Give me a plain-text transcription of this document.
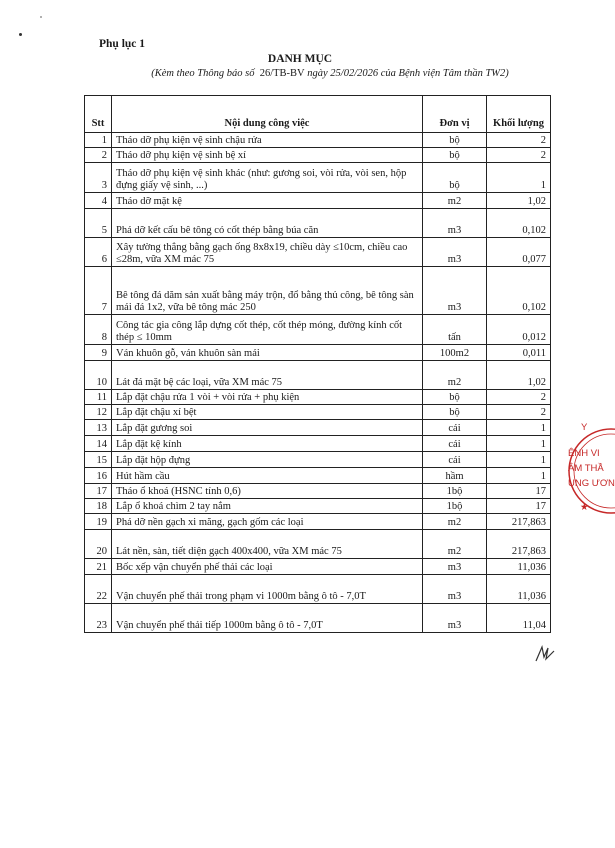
Phụ lục 1
DANH MỤC
(Kèm theo Thông báo số 26/TB-BV ngày 25/02/2026 của Bệnh viện Tâm thần TW2)
Stt	Nội dung công việc	Đơn vị	Khối lượng
1	Tháo dỡ phụ kiện vệ sinh chậu rửa	bộ	2
2	Tháo dỡ phụ kiện vệ sinh bệ xí	bộ	2
3	Tháo dỡ phụ kiện vệ sinh khác (như: gương soi, vòi rửa, vòi sen, hộp đựng giấy vệ sinh, ...)	bộ	1
4	Tháo dỡ mặt kệ	m2	1,02
5	Phá dỡ kết cấu bê tông có cốt thép bằng búa căn	m3	0,102
6	Xây tường thẳng bằng gạch ống 8x8x19, chiều dày ≤10cm, chiều cao ≤28m, vữa XM mác 75	m3	0,077
7	Bê tông đá dăm sản xuất bằng máy trộn, đổ bằng thủ công, bê tông sàn mái đá 1x2, vữa bê tông mác 250	m3	0,102
8	Công tác gia công lắp dựng cốt thép, cốt thép móng, đường kính cốt thép ≤ 10mm	tấn	0,012
9	Ván khuôn gỗ, ván khuôn sàn mái	100m2	0,011
10	Lát đá mặt bệ các loại, vữa XM mác 75	m2	1,02
11	Lắp đặt chậu rửa 1 vòi + vòi rửa + phụ kiện	bộ	2
12	Lắp đặt chậu xí bệt	bộ	2
13	Lắp đặt gương soi	cái	1
14	Lắp đặt kệ kính	cái	1
15	Lắp đặt hộp đựng	cái	1
16	Hút hầm cầu	hầm	1
17	Tháo ổ khoá (HSNC tính 0,6)	1bộ	17
18	Lắp ổ khoá chìm 2 tay nắm	1bộ	17
19	Phá dỡ nền gạch xi măng, gạch gốm các loại	m2	217,863
20	Lát nền, sàn, tiết diện gạch 400x400, vữa XM mác 75	m2	217,863
21	Bốc xếp vận chuyển phế thải các loại	m3	11,036
22	Vận chuyển phế thải trong phạm vi 1000m bằng ô tô - 7,0T	m3	11,036
23	Vận chuyển phế thải tiếp 1000m bằng ô tô - 7,0T	m3	11,04
Y
ỆNH VI
ÂM THẦ
UNG ƯƠN
★
